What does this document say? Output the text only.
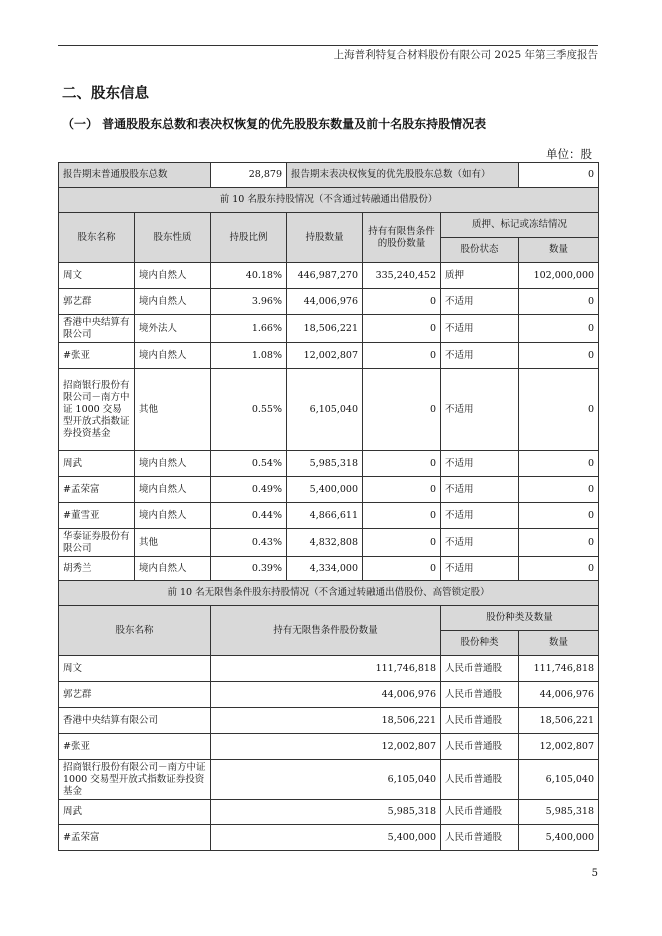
上海普利特复合材料股份有限公司 2025 年第三季度报告
二、股东信息
（一） 普通股股东总数和表决权恢复的优先股股东数量及前十名股东持股情况表
单位：股
报告期末普通股股东总数		28,879	报告期末表决权恢复的优先股股东总数（如有）			0
前 10 名股东持股情况（不含通过转融通出借股份）						
股东名称	股东性质	持股比例	持股数量	持有有限售条件的股份数量	质押、标记或冻结情况	
					股份状态	数量
周文	境内自然人	40.18%	446,987,270	335,240,452	质押	102,000,000
郭艺群	境内自然人	3.96%	44,006,976	0	不适用	0
香港中央结算有限公司	境外法人	1.66%	18,506,221	0	不适用	0
#张亚	境内自然人	1.08%	12,002,807	0	不适用	0
招商银行股份有限公司－南方中证 1000 交易型开放式指数证券投资基金	其他	0.55%	6,105,040	0	不适用	0
周武	境内自然人	0.54%	5,985,318	0	不适用	0
#孟荣富	境内自然人	0.49%	5,400,000	0	不适用	0
#董雪亚	境内自然人	0.44%	4,866,611	0	不适用	0
华泰证券股份有限公司	其他	0.43%	4,832,808	0	不适用	0
胡秀兰	境内自然人	0.39%	4,334,000	0	不适用	0
前 10 名无限售条件股东持股情况（不含通过转融通出借股份、高管锁定股）						
股东名称		持有无限售条件股份数量			股份种类及数量	
					股份种类	数量
周文		111,746,818			人民币普通股	111,746,818
郭艺群		44,006,976			人民币普通股	44,006,976
香港中央结算有限公司		18,506,221			人民币普通股	18,506,221
#张亚		12,002,807			人民币普通股	12,002,807
招商银行股份有限公司－南方中证 1000 交易型开放式指数证券投资基金		6,105,040			人民币普通股	6,105,040
周武		5,985,318			人民币普通股	5,985,318
#孟荣富		5,400,000			人民币普通股	5,400,000
5
